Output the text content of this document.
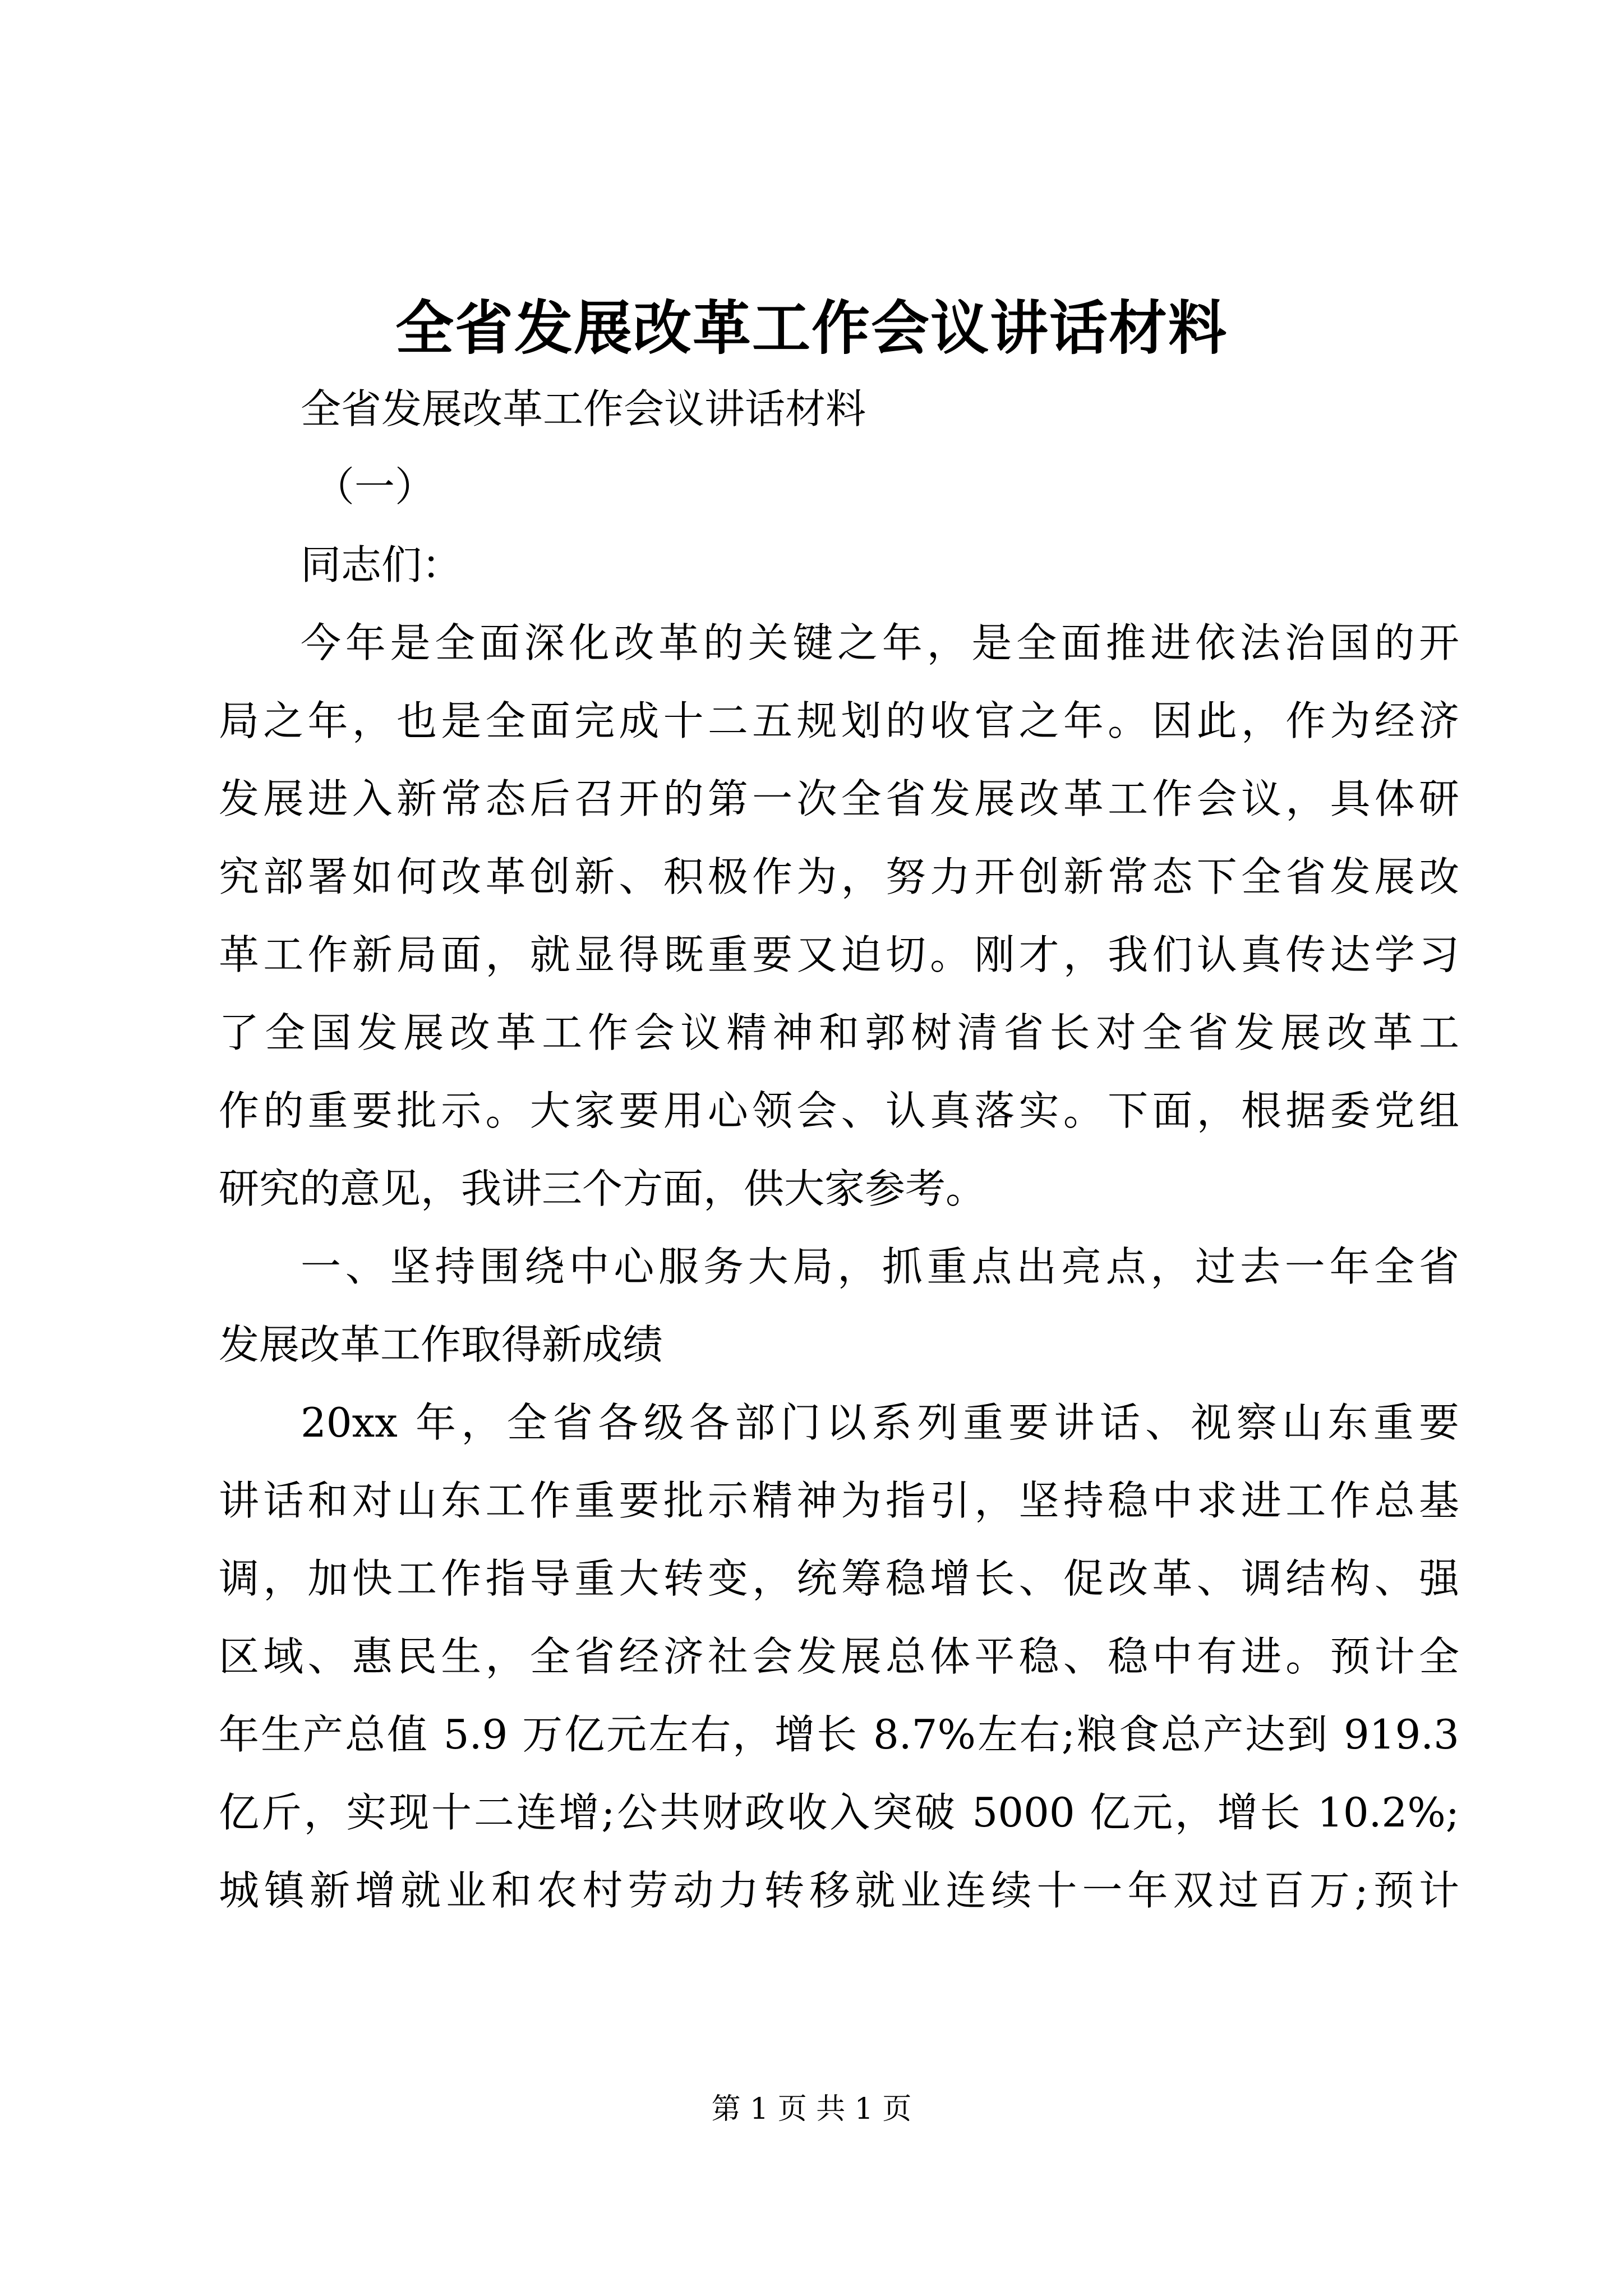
全省发展改革工作会议讲话材料
全省发展改革工作会议讲话材料
（一）
同志们：
今年是全面深化改革的关键之年，是全面推进依法治国的开
局之年，也是全面完成十二五规划的收官之年。因此，作为经济
发展进入新常态后召开的第一次全省发展改革工作会议，具体研
究部署如何改革创新、积极作为，努力开创新常态下全省发展改
革工作新局面，就显得既重要又迫切。刚才，我们认真传达学习
了全国发展改革工作会议精神和郭树清省长对全省发展改革工
作的重要批示。大家要用心领会、认真落实。下面，根据委党组
研究的意见，我讲三个方面，供大家参考。
一、坚持围绕中心服务大局，抓重点出亮点，过去一年全省
发展改革工作取得新成绩
20xx 年，全省各级各部门以系列重要讲话、视察山东重要
讲话和对山东工作重要批示精神为指引，坚持稳中求进工作总基
调，加快工作指导重大转变，统筹稳增长、促改革、调结构、强
区域、惠民生，全省经济社会发展总体平稳、稳中有进。预计全
年生产总值 5.9 万亿元左右，增长 8.7%左右;粮食总产达到 919.3
亿斤，实现十二连增;公共财政收入突破 5000 亿元，增长 10.2%;
城镇新增就业和农村劳动力转移就业连续十一年双过百万;预计
第 1 页 共 1 页
